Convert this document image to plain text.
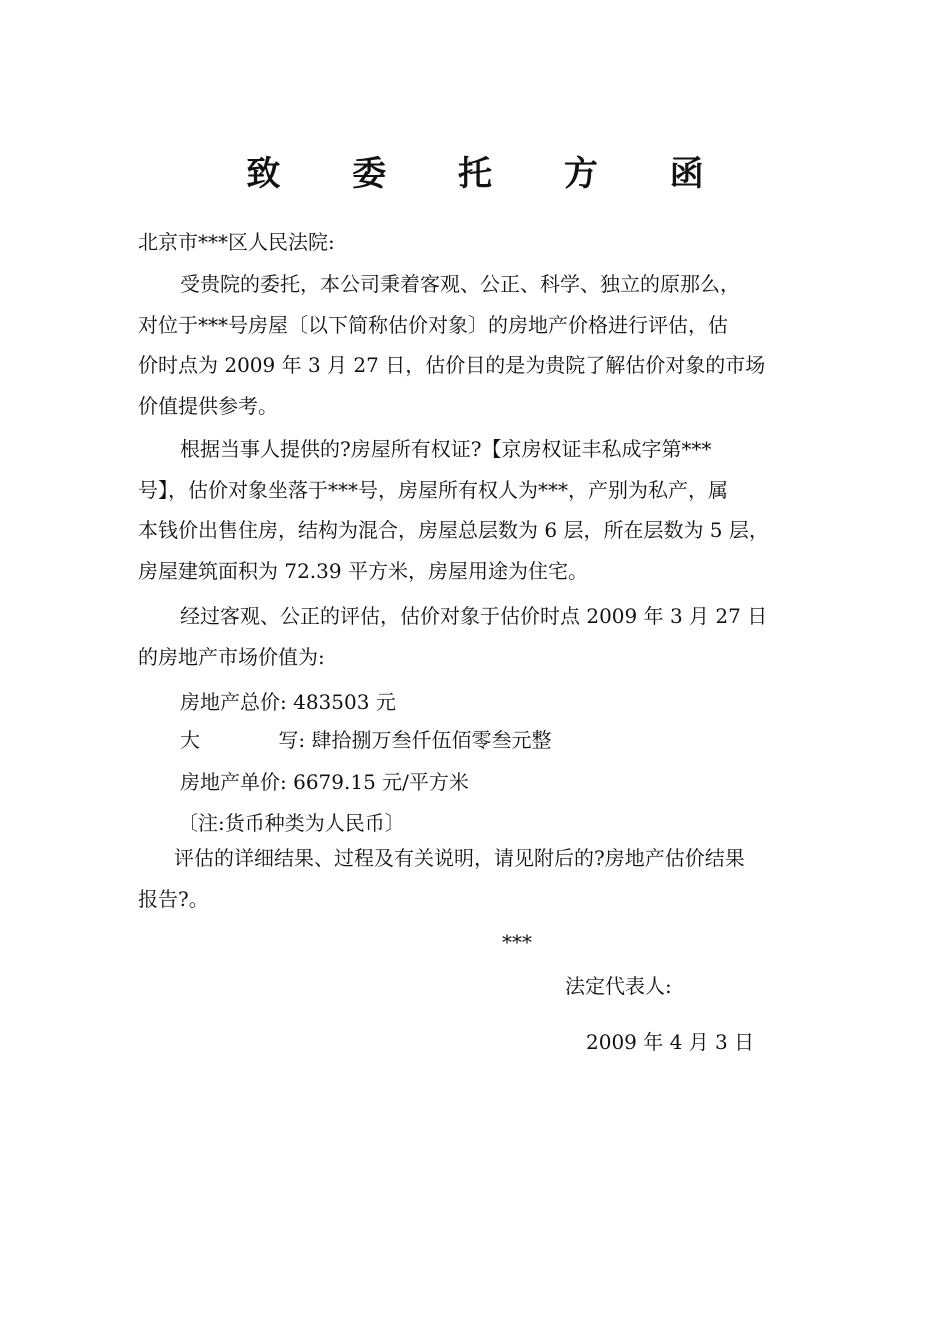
致 委 托 方 函
北京市***区人民法院:
受贵院的委托，本公司秉着客观、公正、科学、独立的原那么，
对位于***号房屋〔以下简称估价对象〕的房地产价格进行评估，估
价时点为 2009 年 3 月 27 日，估价目的是为贵院了解估价对象的市场
价值提供参考。
根据当事人提供的?房屋所有权证?【京房权证丰私成字第***
号】，估价对象坐落于***号，房屋所有权人为***，产别为私产，属
本钱价出售住房，结构为混合，房屋总层数为 6 层，所在层数为 5 层，
房屋建筑面积为 72.39 平方米，房屋用途为住宅。
经过客观、公正的评估，估价对象于估价时点 2009 年 3 月 27 日
的房地产市场价值为:
房地产总价: 483503 元
大	写: 肆拾捌万叁仟伍佰零叁元整
房地产单价: 6679.15 元/平方米
〔注:货币种类为人民币〕
评估的详细结果、过程及有关说明，请见附后的?房地产估价结果
报告?。
***
法定代表人:
2009 年 4 月 3 日
